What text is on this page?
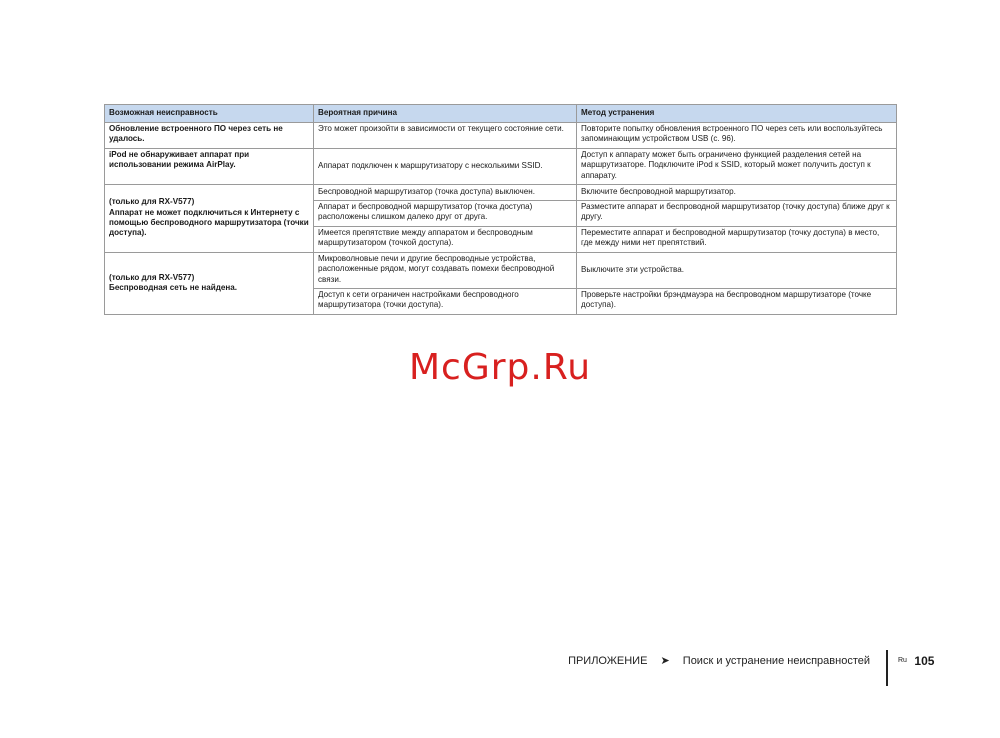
Возможная неисправность	Вероятная причина	Метод устранения
Обновление встроенного ПО через сеть не удалось.	Это может произойти в зависимости от текущего состояние сети.	Повторите попытку обновления встроенного ПО через сеть или воспользуйтесь запоминающим устройством USB (с. 96).
iPod не обнаруживает аппарат при использовании режима AirPlay.	Аппарат подключен к маршрутизатору с несколькими SSID.	Доступ к аппарату может быть ограничено функцией разделения сетей на маршрутизаторе. Подключите iPod к SSID, который может получить доступ к аппарату.

(только для RX-V577)
Аппарат не может подключиться к Интернету с помощью беспроводного маршрутизатора (точки доступа).	Беспроводной маршрутизатор (точка доступа) выключен.	Включите беспроводной маршрутизатор.
	Аппарат и беспроводной маршрутизатор (точка доступа) расположены слишком далеко друг от друга.	Разместите аппарат и беспроводной маршрутизатор (точку доступа) ближе друг к другу.
	Имеется препятствие между аппаратом и беспроводным маршрутизатором (точкой доступа).	Переместите аппарат и беспроводной маршрутизатор (точку доступа) в место, где между ними нет препятствий.

(только для RX-V577)
Беспроводная сеть не найдена.	Микроволновые печи и другие беспроводные устройства, расположенные рядом, могут создавать помехи беспроводной связи.	Выключите эти устройства.
	Доступ к сети ограничен настройками беспроводного маршрутизатора (точки доступа).	Проверьте настройки брэндмауэра на беспроводном маршрутизаторе (точке доступа).
McGrp.Ru
ПРИЛОЖЕНИЕ ➤ Поиск и устранение неисправностей	Ru 105
